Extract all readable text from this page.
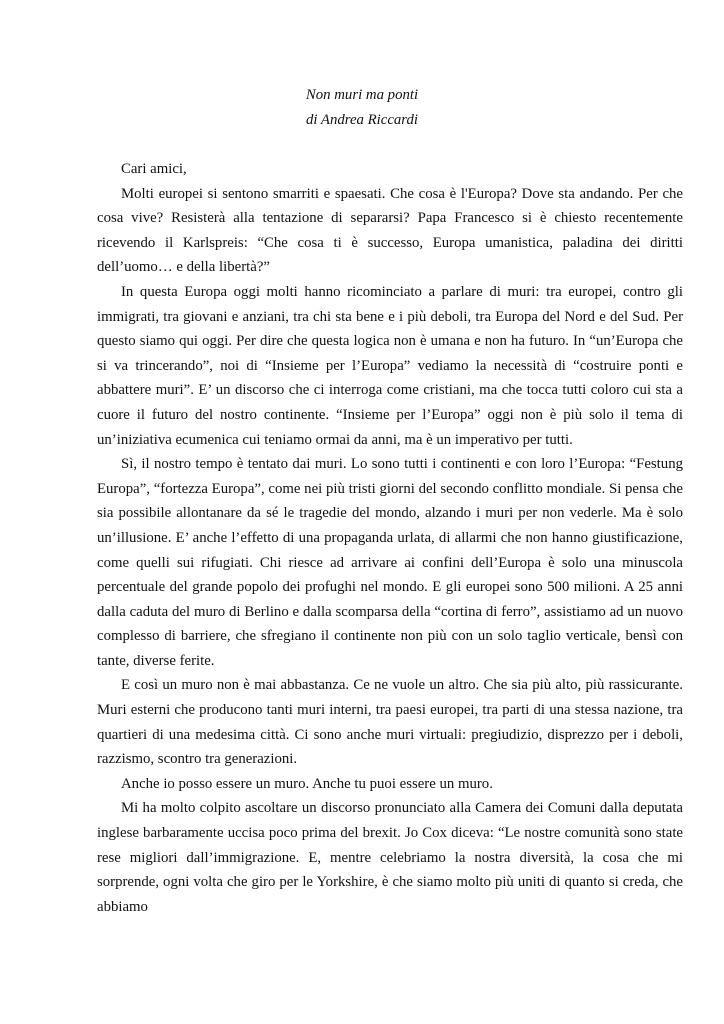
Non muri ma ponti
di Andrea Riccardi

Cari amici,

Molti europei si sentono smarriti e spaesati. Che cosa è l'Europa? Dove sta andando. Per che cosa vive? Resisterà alla tentazione di separarsi? Papa Francesco si è chiesto recentemente ricevendo il Karlspreis: “Che cosa ti è successo, Europa umanistica, paladina dei diritti dell’uomo… e della libertà?”

In questa Europa oggi molti hanno ricominciato a parlare di muri: tra europei, contro gli immigrati, tra giovani e anziani, tra chi sta bene e i più deboli, tra Europa del Nord e del Sud. Per questo siamo qui oggi. Per dire che questa logica non è umana e non ha futuro. In “un’Europa che si va trincerando”, noi di “Insieme per l’Europa” vediamo la necessità di “costruire ponti e abbattere muri”. E’ un discorso che ci interroga come cristiani, ma che tocca tutti coloro cui sta a cuore il futuro del nostro continente. “Insieme per l’Europa” oggi non è più solo il tema di un’iniziativa ecumenica cui teniamo ormai da anni, ma è un imperativo per tutti.

Sì, il nostro tempo è tentato dai muri. Lo sono tutti i continenti e con loro l’Europa: “Festung Europa”, “fortezza Europa”, come nei più tristi giorni del secondo conflitto mondiale. Si pensa che sia possibile allontanare da sé le tragedie del mondo, alzando i muri per non vederle. Ma è solo un’illusione. E’ anche l’effetto di una propaganda urlata, di allarmi che non hanno giustificazione, come quelli sui rifugiati. Chi riesce ad arrivare ai confini dell’Europa è solo una minuscola percentuale del grande popolo dei profughi nel mondo. E gli europei sono 500 milioni. A 25 anni dalla caduta del muro di Berlino e dalla scomparsa della “cortina di ferro”, assistiamo ad un nuovo complesso di barriere, che sfregiano il continente non più con un solo taglio verticale, bensì con tante, diverse ferite.

E così un muro non è mai abbastanza. Ce ne vuole un altro. Che sia più alto, più rassicurante. Muri esterni che producono tanti muri interni, tra paesi europei, tra parti di una stessa nazione, tra quartieri di una medesima città. Ci sono anche muri virtuali: pregiudizio, disprezzo per i deboli, razzismo, scontro tra generazioni.

Anche io posso essere un muro. Anche tu puoi essere un muro.

Mi ha molto colpito ascoltare un discorso pronunciato alla Camera dei Comuni dalla deputata inglese barbaramente uccisa poco prima del brexit. Jo Cox diceva: “Le nostre comunità sono state rese migliori dall’immigrazione. E, mentre celebriamo la nostra diversità, la cosa che mi sorprende, ogni volta che giro per le Yorkshire, è che siamo molto più uniti di quanto si creda, che abbiamo
